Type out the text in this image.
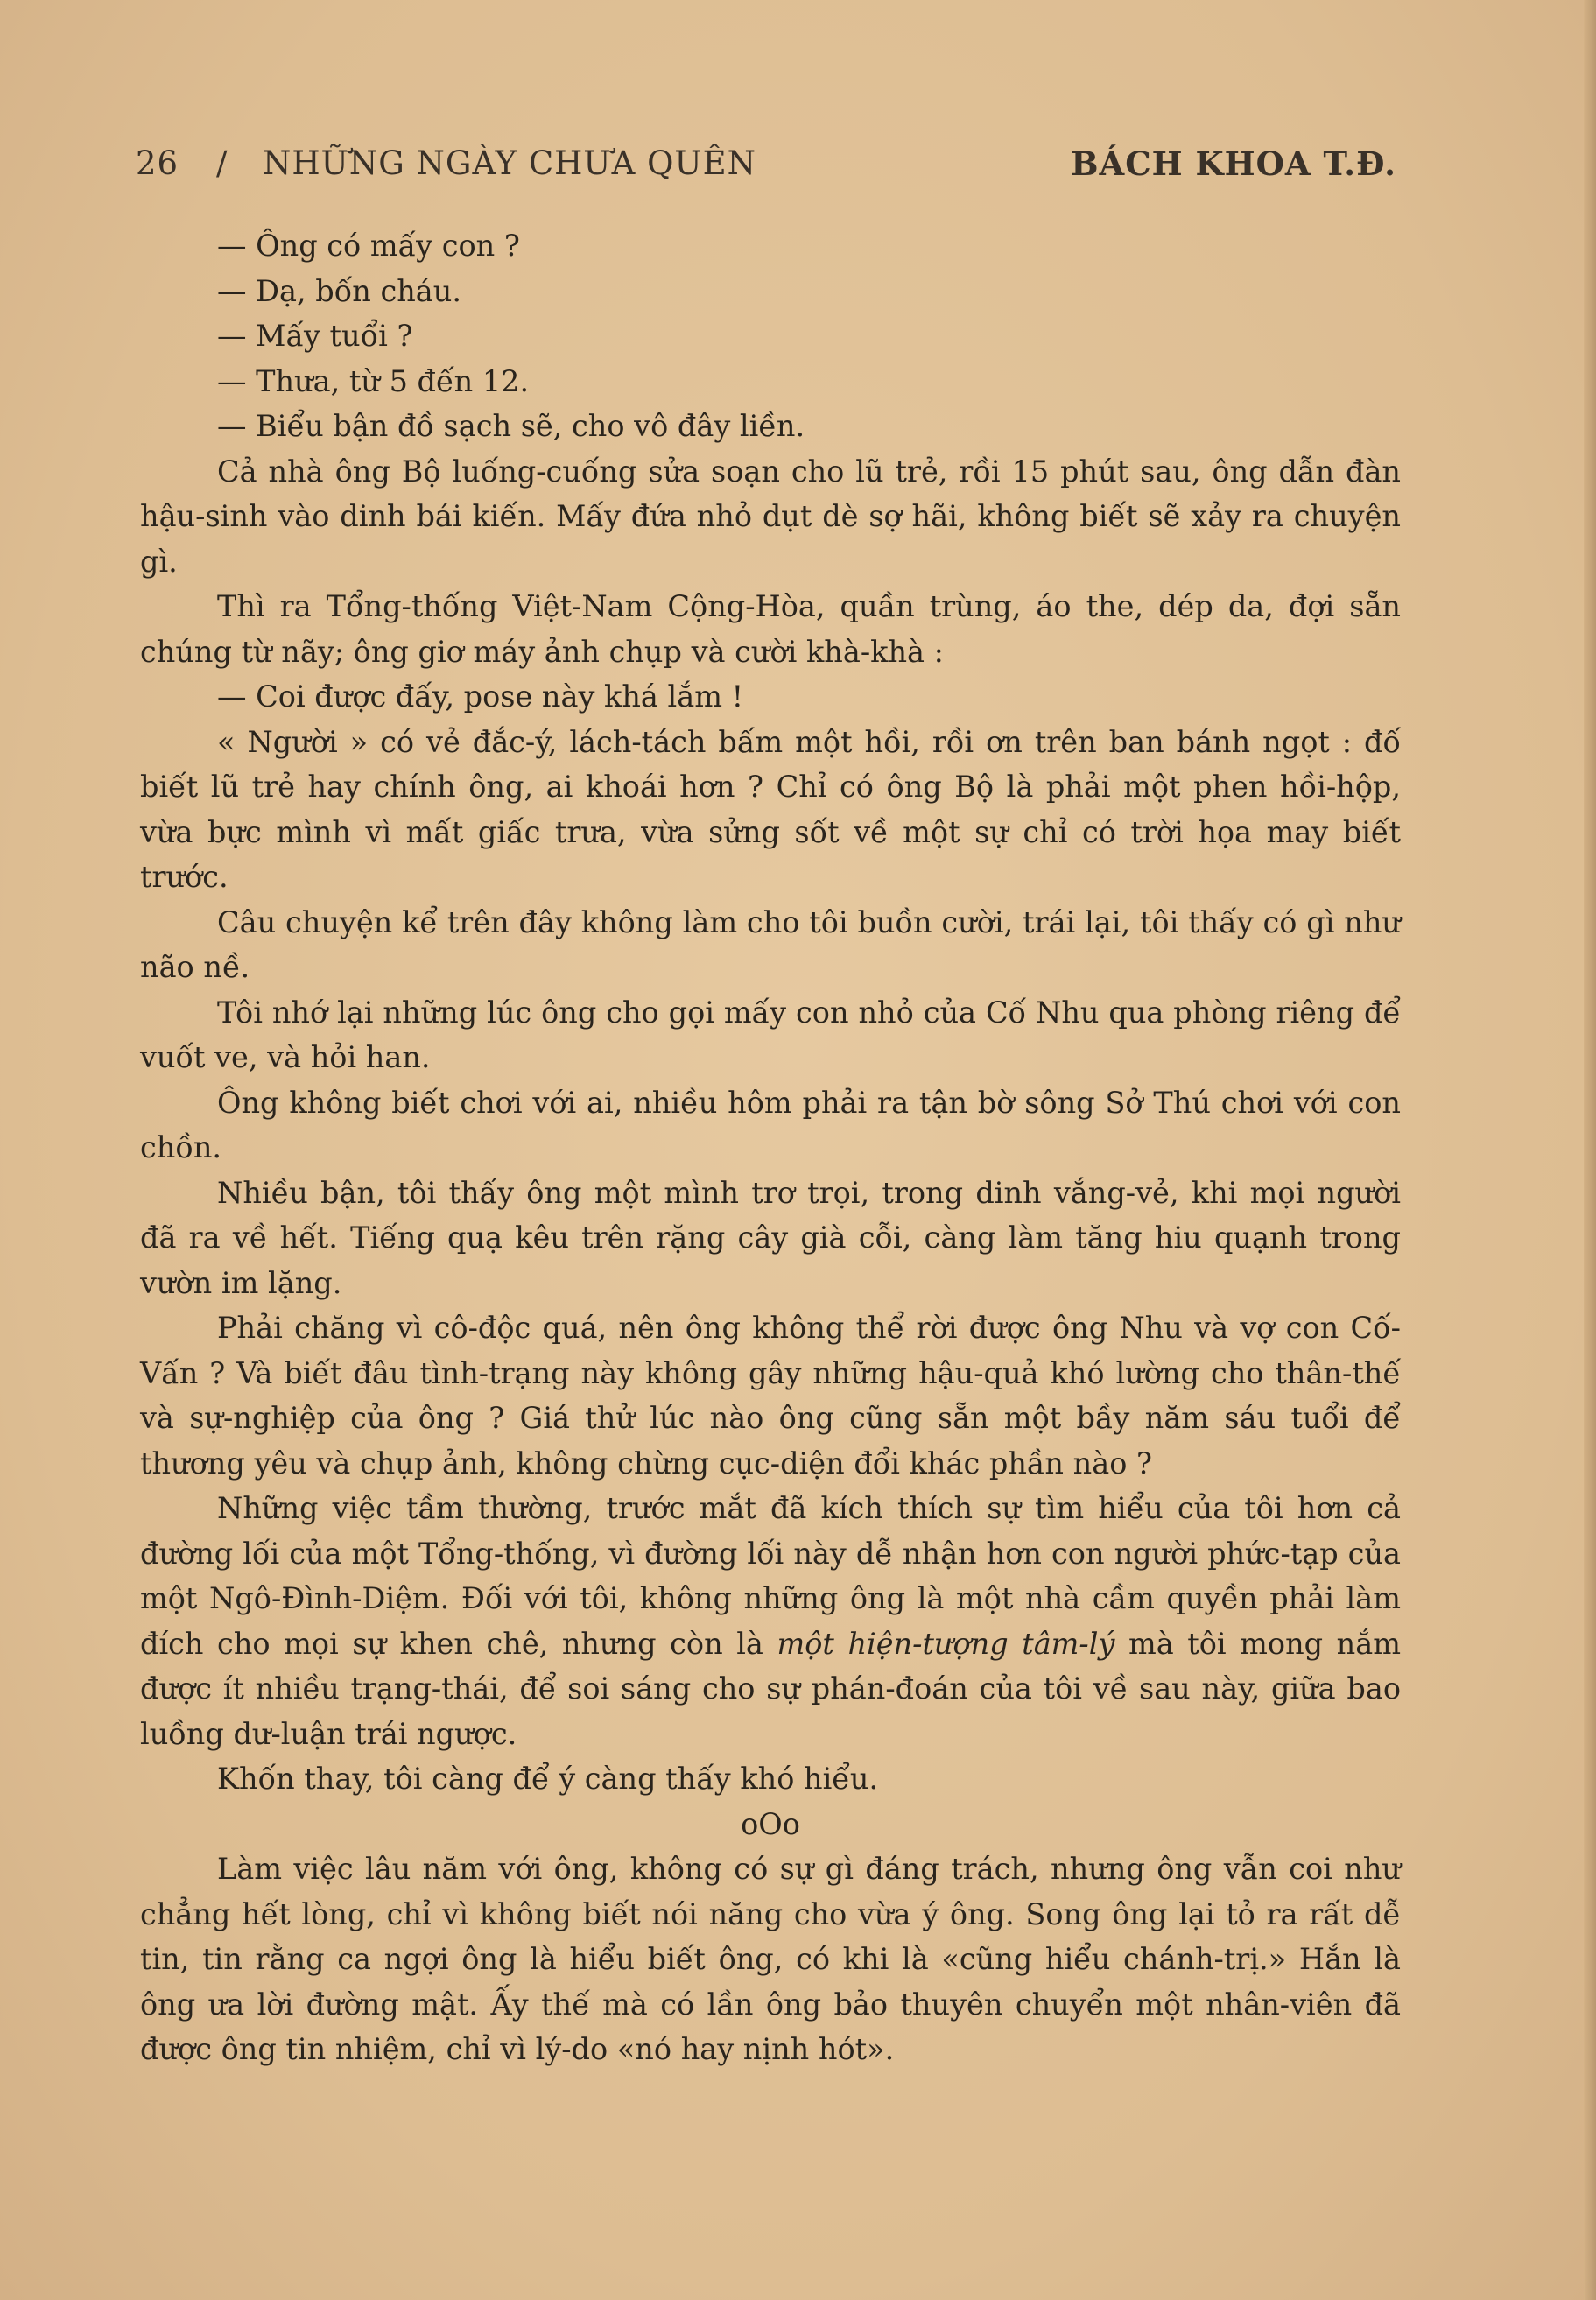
26 / NHỮNG NGÀY CHƯA QUÊN	BÁCH KHOA T.Đ.

— Ông có mấy con ?

— Dạ, bốn cháu.

— Mấy tuổi ?

— Thưa, từ 5 đến 12.

— Biểu bận đồ sạch sẽ, cho vô đây liền.

Cả nhà ông Bộ luống-cuống sửa soạn cho lũ trẻ, rồi 15 phút sau, ông dẫn đàn hậu-sinh vào dinh bái kiến. Mấy đứa nhỏ dụt dè sợ hãi, không biết sẽ xảy ra chuyện gì.

Thì ra Tổng-thống Việt-Nam Cộng-Hòa, quần trùng, áo the, dép da, đợi sẵn chúng từ nãy; ông giơ máy ảnh chụp và cười khà-khà :

— Coi được đấy, pose này khá lắm !

« Người » có vẻ đắc-ý, lách-tách bấm một hồi, rồi ơn trên ban bánh ngọt : đố biết lũ trẻ hay chính ông, ai khoái hơn ? Chỉ có ông Bộ là phải một phen hồi-hộp, vừa bực mình vì mất giấc trưa, vừa sửng sốt về một sự chỉ có trời họa may biết trước.

Câu chuyện kể trên đây không làm cho tôi buồn cười, trái lại, tôi thấy có gì như não nề.

Tôi nhớ lại những lúc ông cho gọi mấy con nhỏ của Cố Nhu qua phòng riêng để vuốt ve, và hỏi han.

Ông không biết chơi với ai, nhiều hôm phải ra tận bờ sông Sở Thú chơi với con chồn.

Nhiều bận, tôi thấy ông một mình trơ trọi, trong dinh vắng-vẻ, khi mọi người đã ra về hết. Tiếng quạ kêu trên rặng cây già cỗi, càng làm tăng hiu quạnh trong vườn im lặng.

Phải chăng vì cô-độc quá, nên ông không thể rời được ông Nhu và vợ con Cố-Vấn ? Và biết đâu tình-trạng này không gây những hậu-quả khó lường cho thân-thế và sự-nghiệp của ông ? Giá thử lúc nào ông cũng sẵn một bầy năm sáu tuổi để thương yêu và chụp ảnh, không chừng cục-diện đổi khác phần nào ?

Những việc tầm thường, trước mắt đã kích thích sự tìm hiểu của tôi hơn cả đường lối của một Tổng-thống, vì đường lối này dễ nhận hơn con người phức-tạp của một Ngô-Đình-Diệm. Đối với tôi, không những ông là một nhà cầm quyền phải làm đích cho mọi sự khen chê, nhưng còn là một hiện-tượng tâm-lý mà tôi mong nắm được ít nhiều trạng-thái, để soi sáng cho sự phán-đoán của tôi về sau này, giữa bao luồng dư-luận trái ngược.

Khốn thay, tôi càng để ý càng thấy khó hiểu.

oOo

Làm việc lâu năm với ông, không có sự gì đáng trách, nhưng ông vẫn coi như chẳng hết lòng, chỉ vì không biết nói năng cho vừa ý ông. Song ông lại tỏ ra rất dễ tin, tin rằng ca ngợi ông là hiểu biết ông, có khi là «cũng hiểu chánh-trị.» Hắn là ông ưa lời đường mật. Ấy thế mà có lần ông bảo thuyên chuyển một nhân-viên đã được ông tin nhiệm, chỉ vì lý-do «nó hay nịnh hót».
